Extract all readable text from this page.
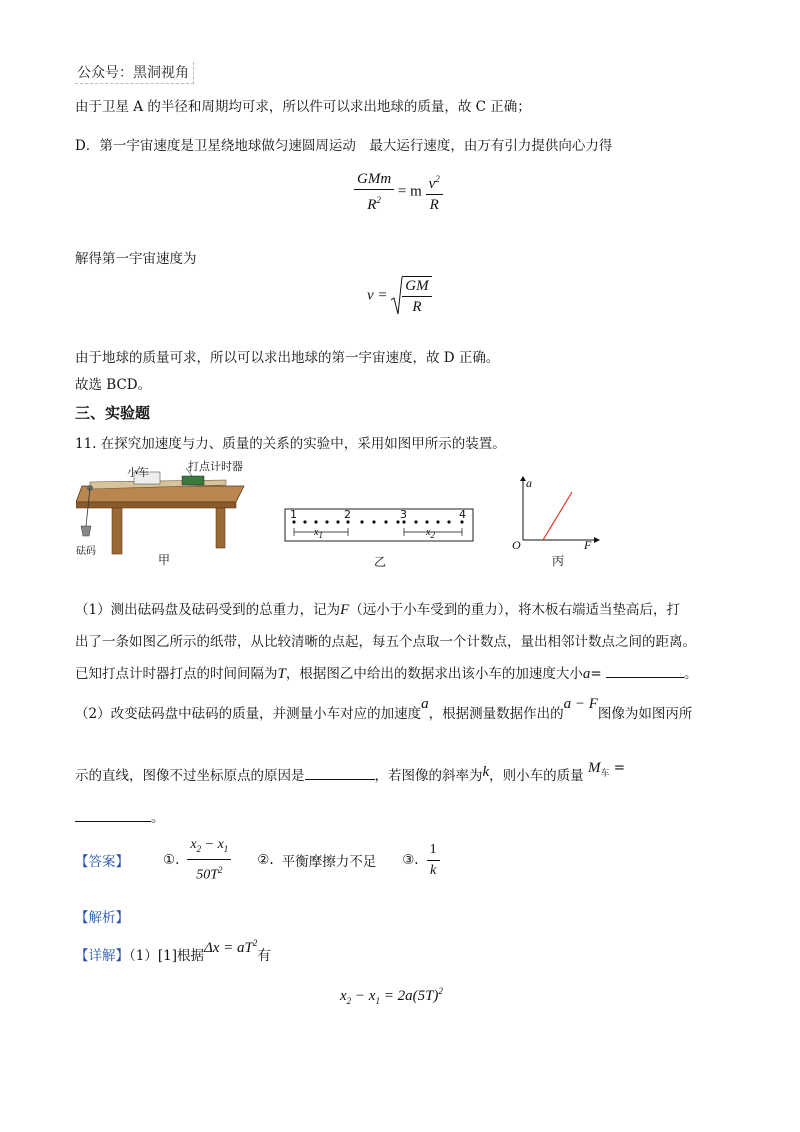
公众号：黑洞视角
由于卫星 A 的半径和周期均可求，所以件可以求出地球的质量，故 C 正确；
D．第一宇宙速度是卫星绕地球做匀速圆周运动　最大运行速度，由万有引力提供向心力得
$\frac{\text{GMm}}{R^2} = m \frac{v^2}{R}$
解得第一宇宙速度为
$v = \frac{GM}{R}$
由于地球的质量可求，所以可以求出地球的第一宇宙速度，故 D 正确。
故选 BCD。
三、实验题
11. 在探究加速度与力、质量的关系的实验中，采用如图甲所示的装置。
小车	打点计时器
砝码
甲
1	2	3	4
$x_1$	$x_2$
乙
a
O	F
丙
（1）测出砝码盘及砝码受到的总重力，记为F（远小于小车受到的重力），将木板右端适当垫高后，打
出了一条如图乙所示的纸带，从比较清晰的点起，每五个点取一个计数点，量出相邻计数点之间的距离。
已知打点计时器打点的时间间隔为T，根据图乙中给出的数据求出该小车的加速度大小a=	。
（2）改变砝码盘中砝码的质量，并测量小车对应的加速度a，根据测量数据作出的a − F图像为如图丙所
示的直线，图像不过坐标原点的原因是	，若图像的斜率为k，则小车的质量 $M_车$ =
。
【答案】	①. $\frac{x_2 - x_1}{50T^2}$ ②. 平衡摩擦力不足 ③. $\frac{1}{k}$
【解析】
【详解】（1）[1]根据$\Delta x = aT^2$有
$x_2 - x_1 = 2a(5T)^2$
